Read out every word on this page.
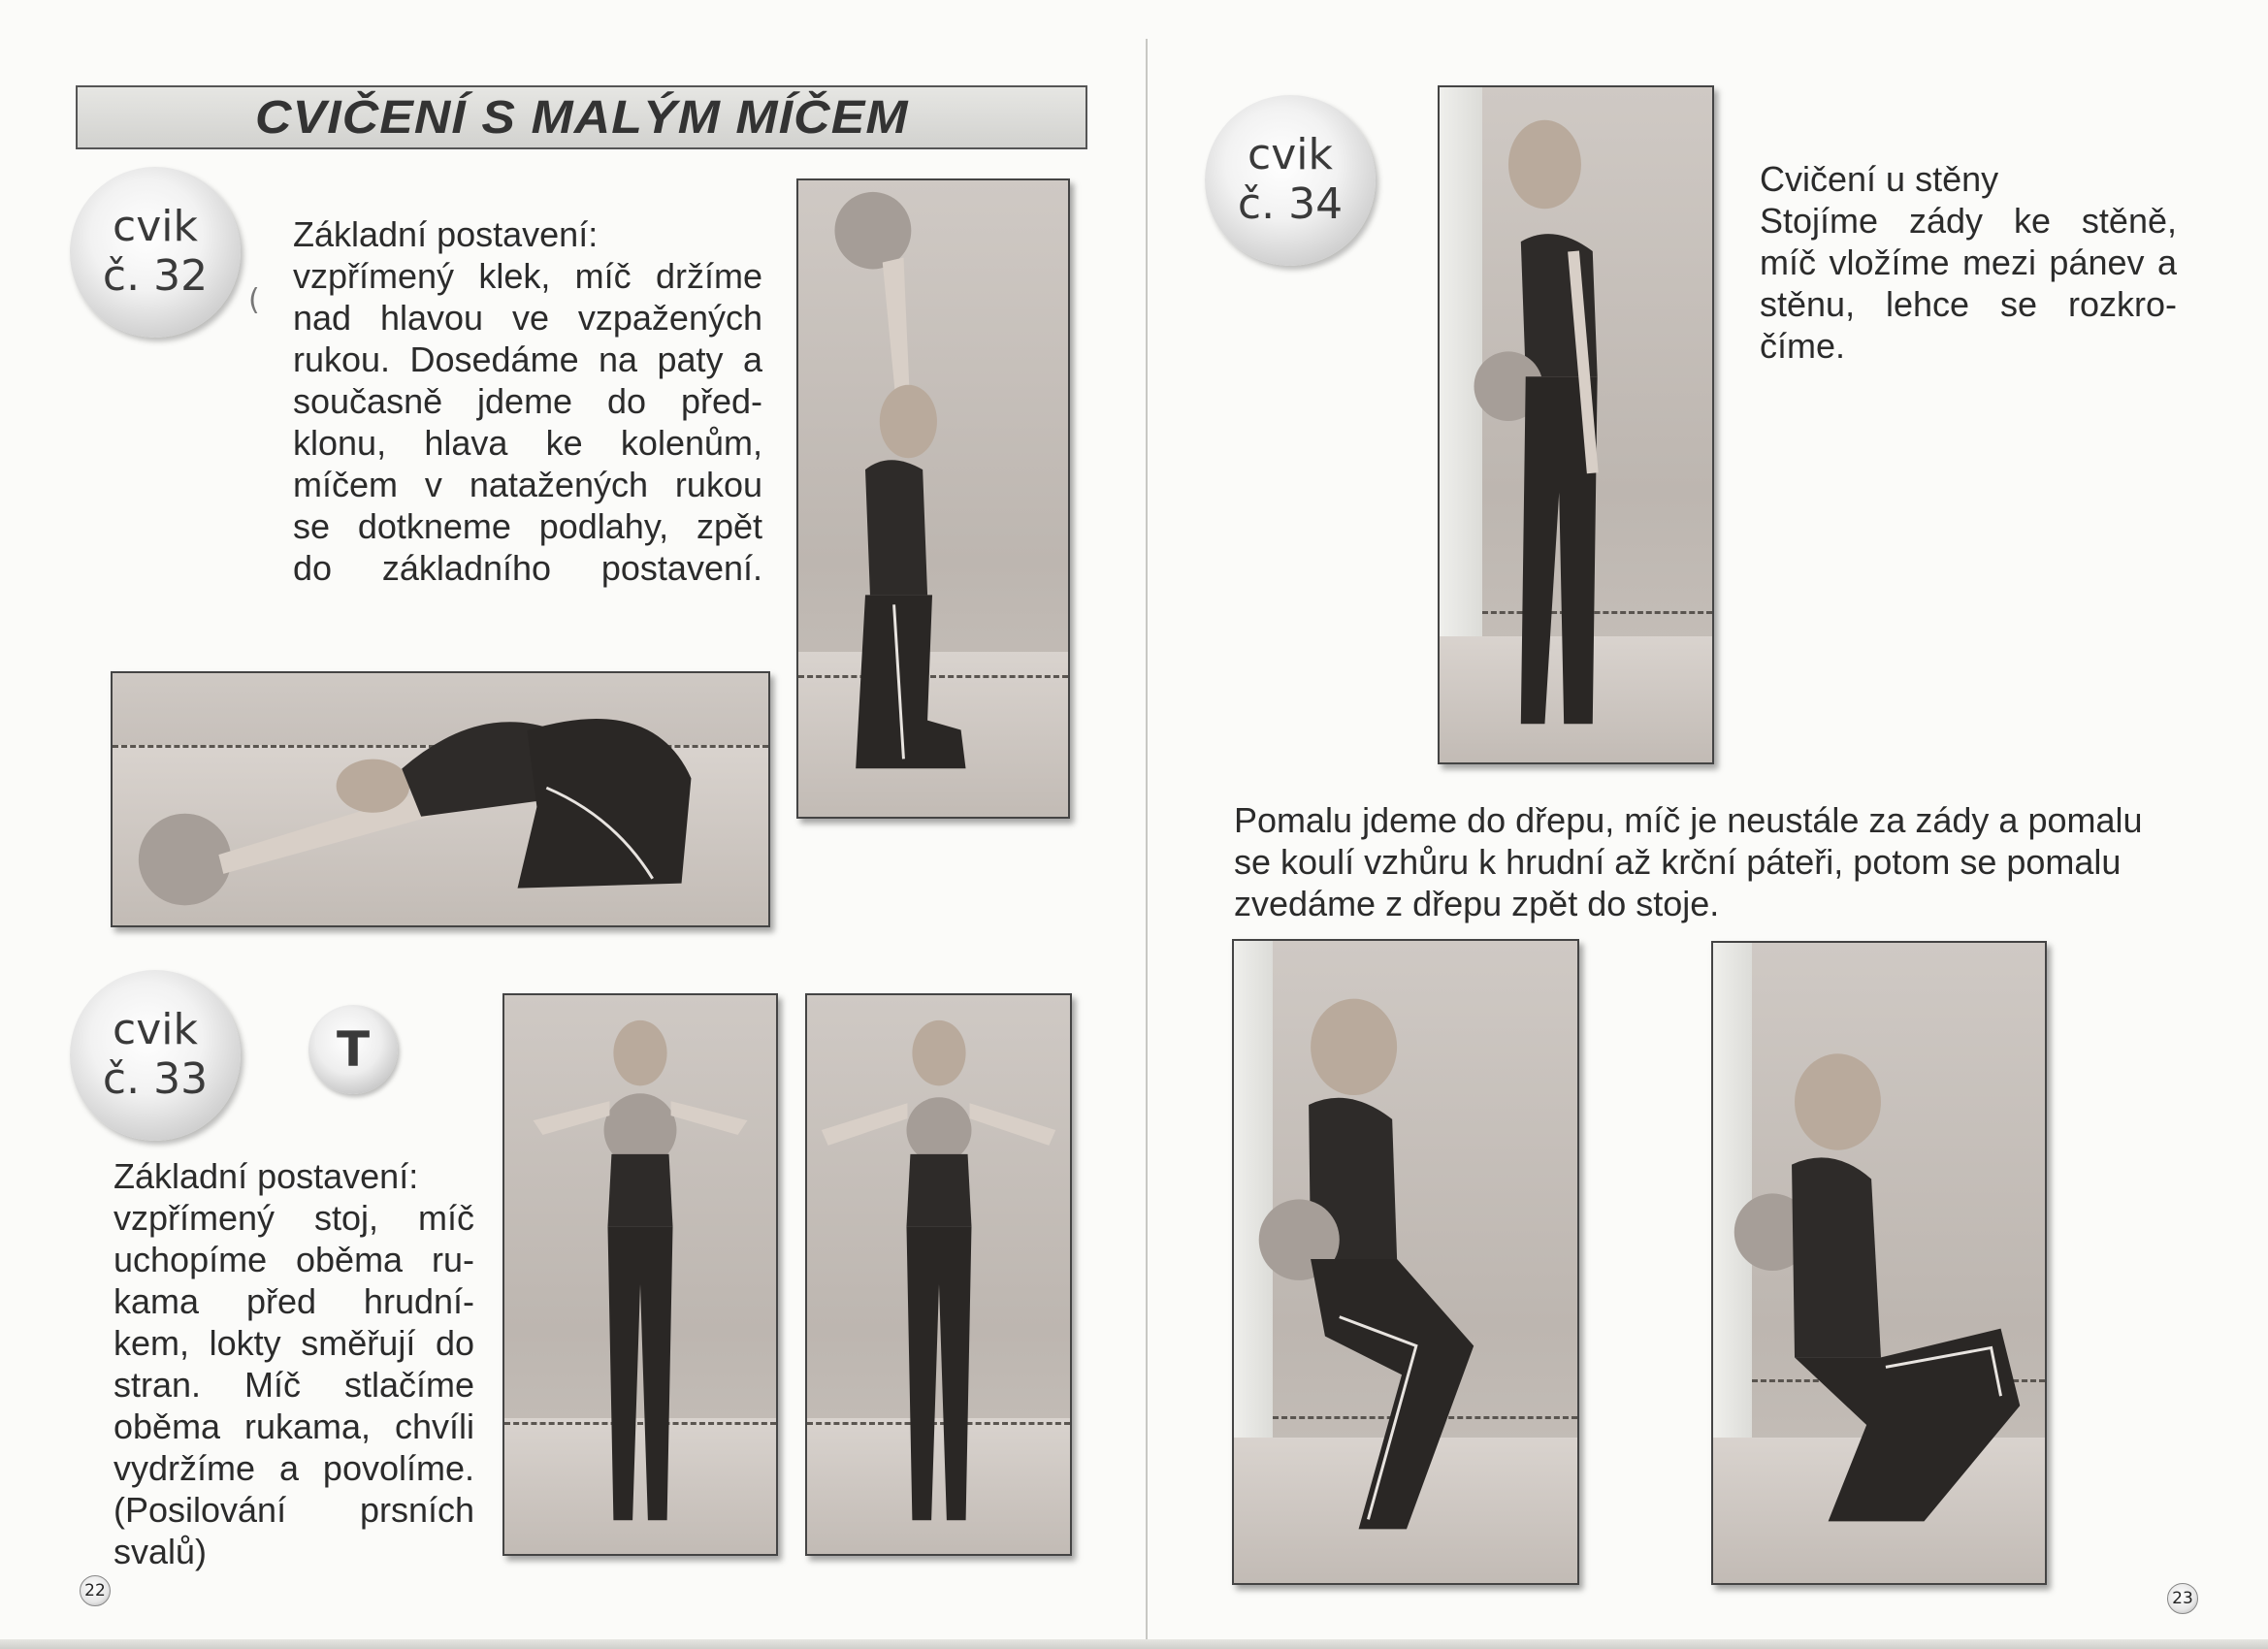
CVIČENÍ S MALÝM MÍČEM
cvik
č. 32 (

Základní postavení:

vzpřímený klek, míč držíme

nad hlavou ve vzpažených

rukou. Dosedáme na paty a

současně jdeme do před-

klonu, hlava ke kolenům,

míčem v natažených rukou

se dotkneme podlahy, zpět

do základního postavení.

cvik
č. 33
T

Základní postavení:

vzpřímený stoj, míč

uchopíme oběma ru-

kama před hrudní-

kem, lokty směřují do

stran. Míč stlačíme

oběma rukama, chvíli

vydržíme a povolíme.

(Posilování prsních

svalů)

22
cvik
č. 34

Cvičení u stěny

Stojíme zády ke stěně,

míč vložíme mezi pánev a

stěnu, lehce se rozkro-

číme.

Pomalu jdeme do dřepu, míč je neustále za zády a pomalu

se koulí vzhůru k hrudní až krční páteři, potom se pomalu

zvedáme z dřepu zpět do stoje.

23
